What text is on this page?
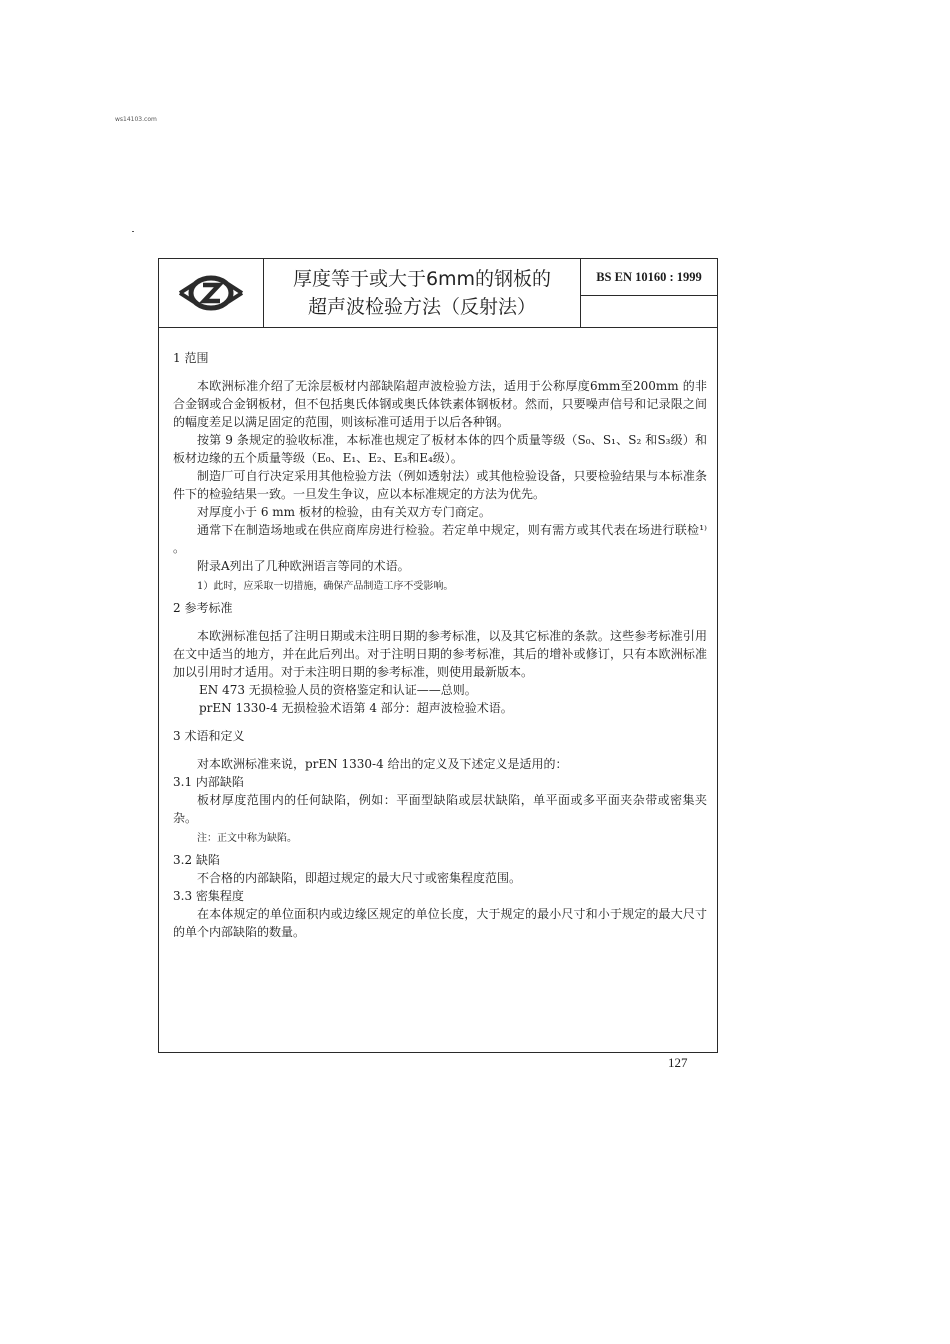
ws14103.com
厚度等于或大于6mm的钢板的
超声波检验方法（反射法）
BS EN 10160 : 1999

1 范围

本欧洲标准介绍了无涂层板材内部缺陷超声波检验方法，适用于公称厚度6mm至200mm 的非合金钢或合金钢板材，但不包括奥氏体钢或奥氏体铁素体钢板材。然而，只要噪声信号和记录限之间的幅度差足以满足固定的范围，则该标准可适用于以后各种钢。

按第 9 条规定的验收标准，本标准也规定了板材本体的四个质量等级（S₀、S₁、S₂ 和S₃级）和板材边缘的五个质量等级（E₀、E₁、E₂、E₃和E₄级）。

制造厂可自行决定采用其他检验方法（例如透射法）或其他检验设备，只要检验结果与本标准条件下的检验结果一致。一旦发生争议，应以本标准规定的方法为优先。

对厚度小于 6 mm 板材的检验，由有关双方专门商定。

通常下在制造场地或在供应商库房进行检验。若定单中规定，则有需方或其代表在场进行联检¹⁾ 。

附录A列出了几种欧洲语言等同的术语。

1）此时，应采取一切措施，确保产品制造工序不受影响。

2 参考标准

本欧洲标准包括了注明日期或未注明日期的参考标准，以及其它标准的条款。这些参考标准引用在文中适当的地方，并在此后列出。对于注明日期的参考标准，其后的增补或修订，只有本欧洲标准加以引用时才适用。对于未注明日期的参考标准，则使用最新版本。

EN 473 无损检验人员的资格鉴定和认证——总则。

prEN 1330-4 无损检验术语第 4 部分：超声波检验术语。

3 术语和定义

对本欧洲标准来说，prEN 1330-4 给出的定义及下述定义是适用的：

3.1 内部缺陷

板材厚度范围内的任何缺陷，例如：平面型缺陷或层状缺陷，单平面或多平面夹杂带或密集夹杂。

注：正文中称为缺陷。

3.2 缺陷

不合格的内部缺陷，即超过规定的最大尺寸或密集程度范围。

3.3 密集程度

在本体规定的单位面积内或边缘区规定的单位长度，大于规定的最小尺寸和小于规定的最大尺寸的单个内部缺陷的数量。

127
